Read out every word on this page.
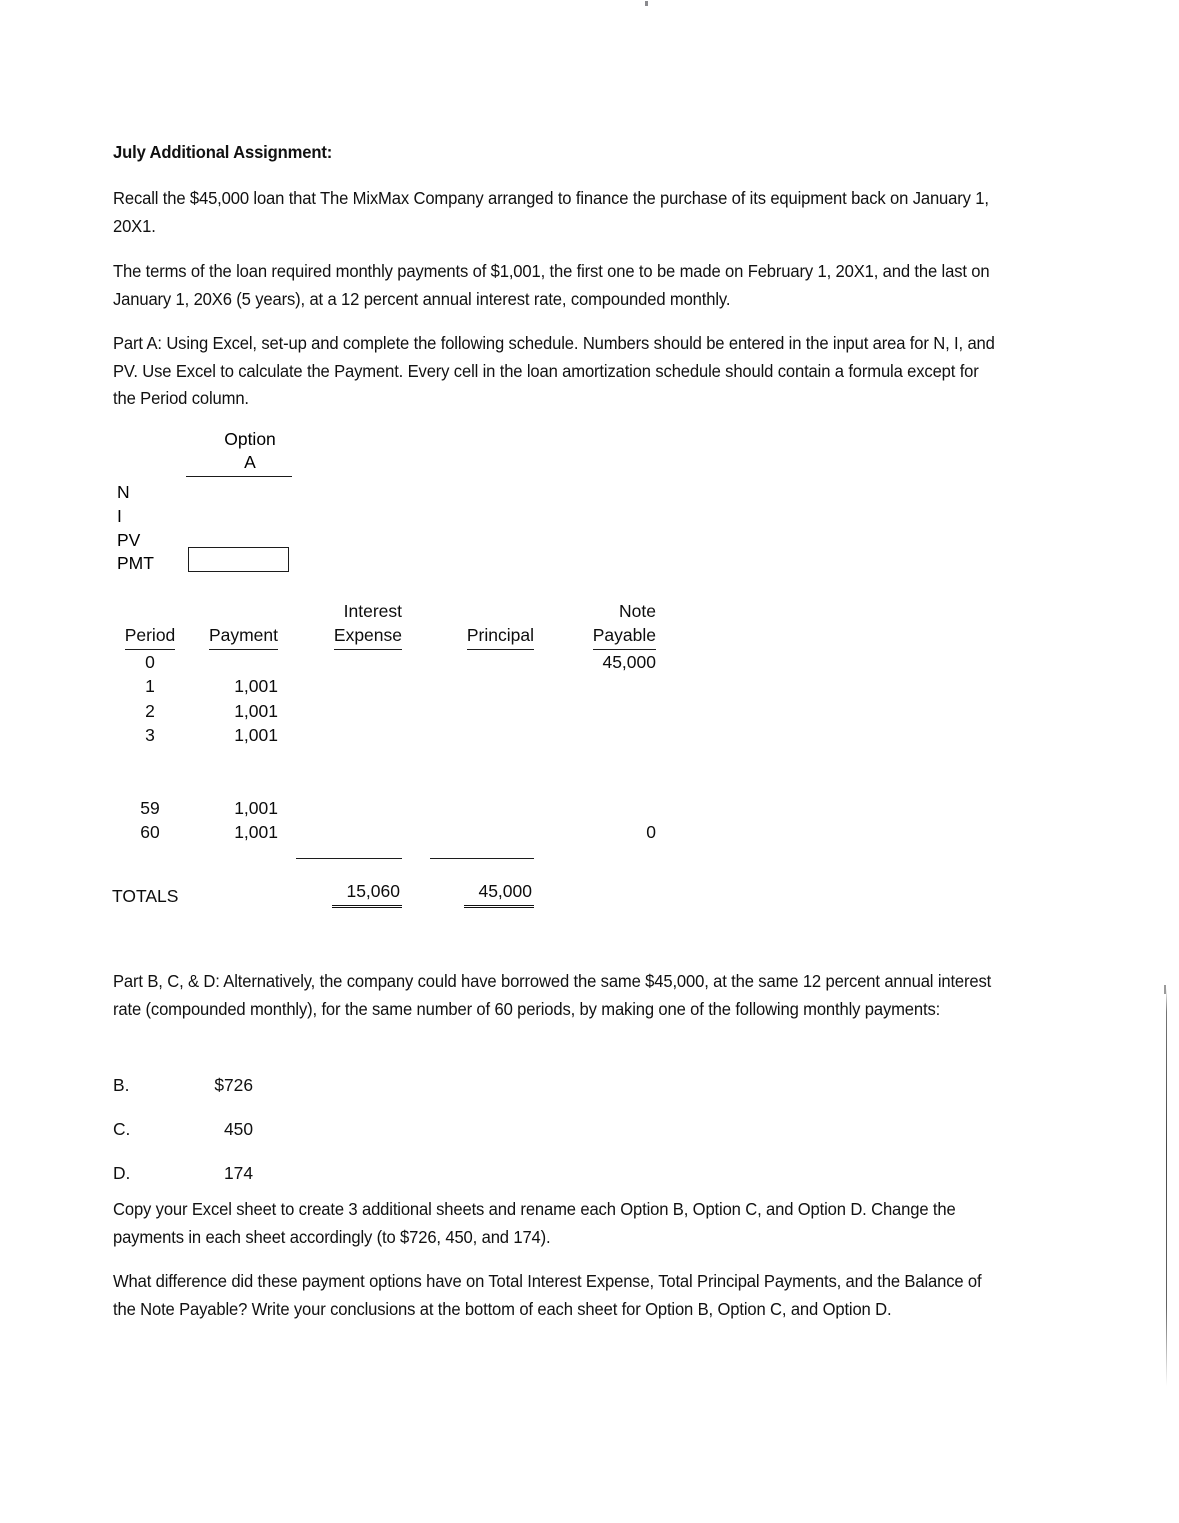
July Additional Assignment:
Recall the $45,000 loan that The MixMax Company arranged to finance the purchase of its equipment back on January 1, 20X1.
The terms of the loan required monthly payments of $1,001, the first one to be made on February 1, 20X1, and the last on January 1, 20X6 (5 years), at a 12 percent annual interest rate, compounded monthly.
Part A: Using Excel, set-up and complete the following schedule. Numbers should be entered in the input area for N, I, and PV. Use Excel to calculate the Payment. Every cell in the loan amortization schedule should contain a formula except for the Period column.
Option
A
N
I
PV
PMT
		Interest		Note
Period	Payment	Expense	Principal	Payable
0				45,000
1	1,001			
2	1,001			
3	1,001			

59	1,001			
60	1,001			0

TOTALS		15,060	45,000	
Part B, C, & D: Alternatively, the company could have borrowed the same $45,000, at the same 12 percent annual interest rate (compounded monthly), for the same number of 60 periods, by making one of the following monthly payments:
B.	$726
C.	450
D.	174
Copy your Excel sheet to create 3 additional sheets and rename each Option B, Option C, and Option D. Change the payments in each sheet accordingly (to $726, 450, and 174).
What difference did these payment options have on Total Interest Expense, Total Principal Payments, and the Balance of the Note Payable? Write your conclusions at the bottom of each sheet for Option B, Option C, and Option D.
